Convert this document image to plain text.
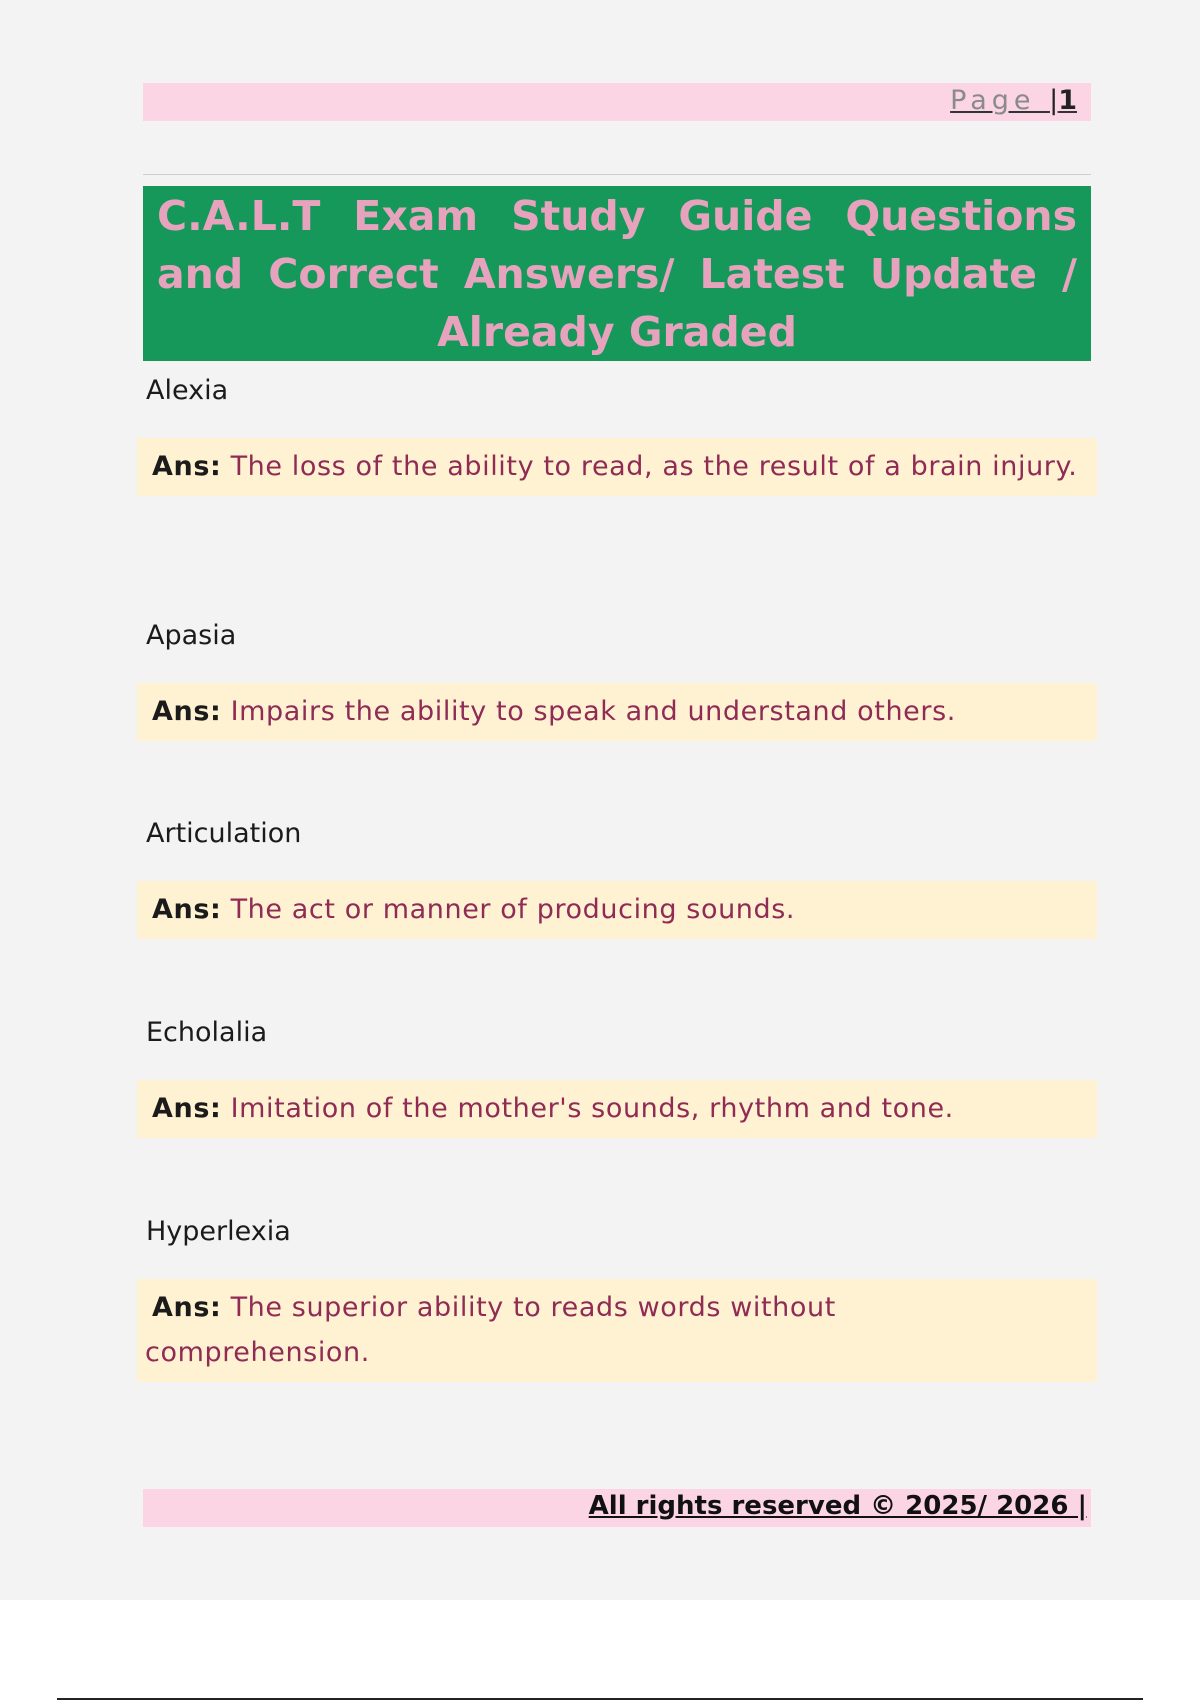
Page |1
C.A.L.T Exam Study Guide Questions and Correct Answers/ Latest Update / Already Graded
Alexia
Ans: The loss of the ability to read, as the result of a brain injury.
Apasia
Ans: Impairs the ability to speak and understand others.
Articulation
Ans: The act or manner of producing sounds.
Echolalia
Ans: Imitation of the mother's sounds, rhythm and tone.
Hyperlexia
Ans: The superior ability to reads words without comprehension.
All rights reserved © 2025/ 2026 |
